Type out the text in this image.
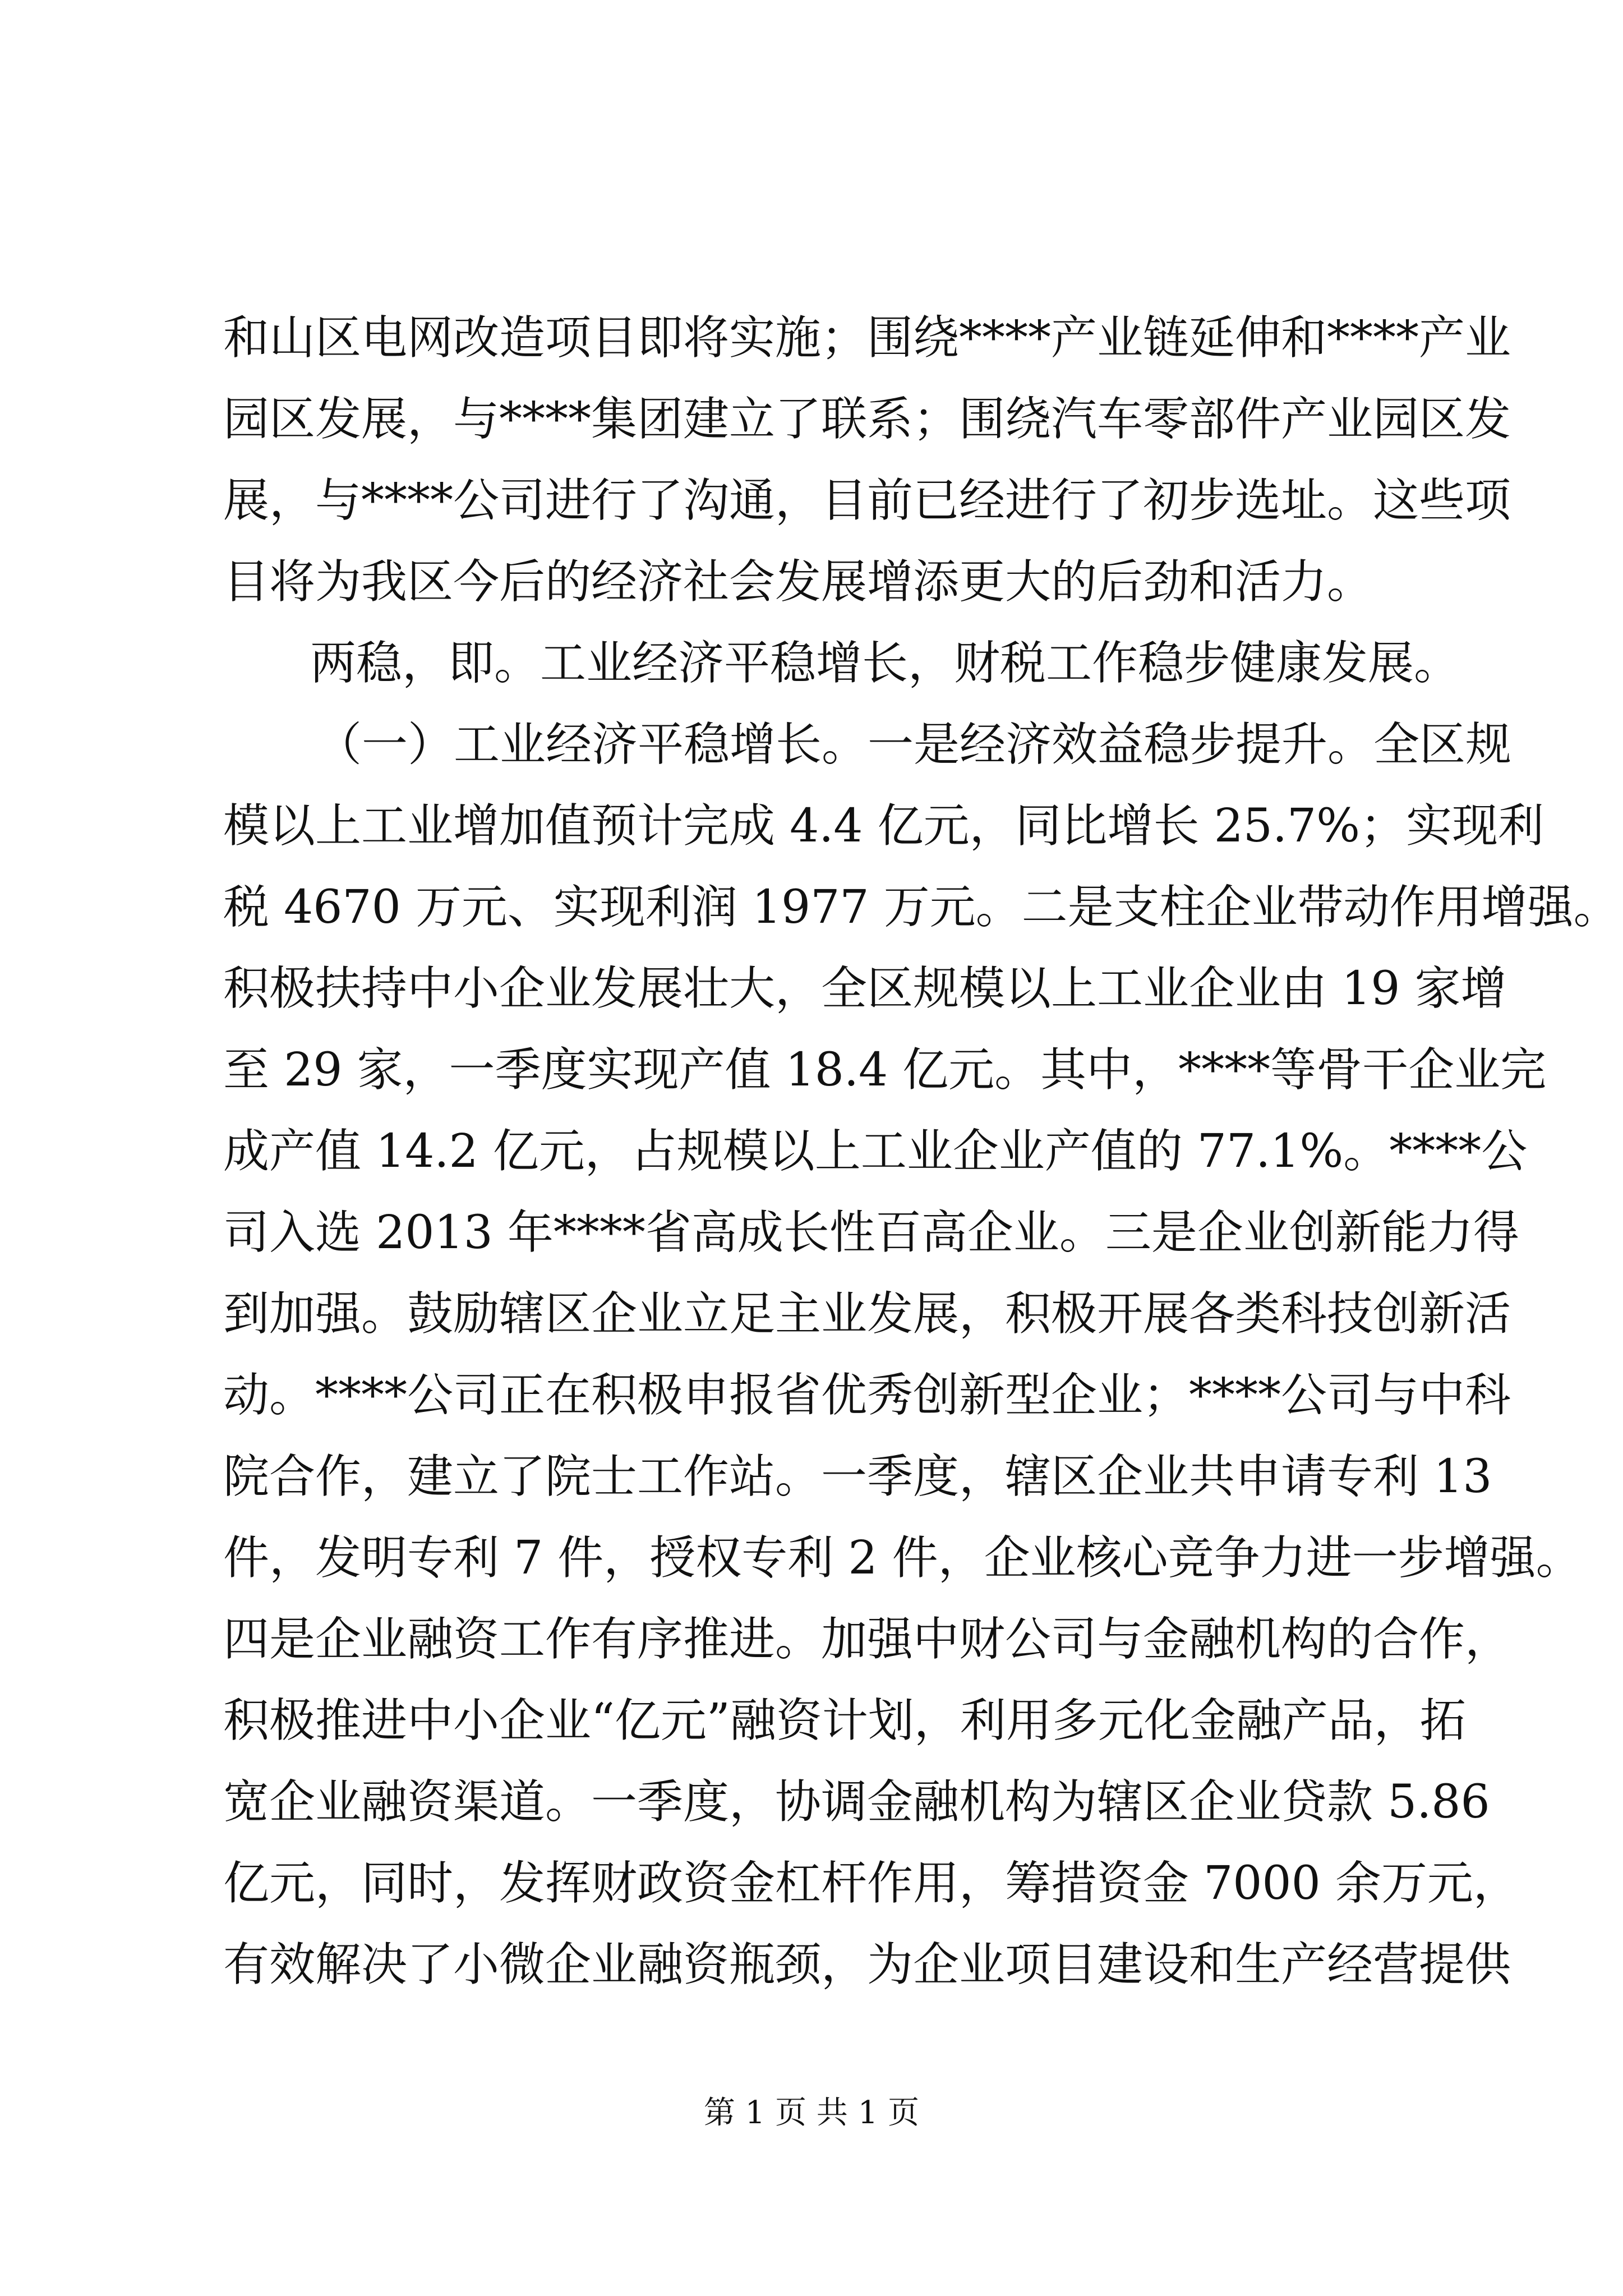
和山区电网改造项目即将实施；围绕****产业链延伸和****产业
园区发展，与****集团建立了联系；围绕汽车零部件产业园区发
展，与****公司进行了沟通，目前已经进行了初步选址。这些项
目将为我区今后的经济社会发展增添更大的后劲和活力。
两稳，即。工业经济平稳增长，财税工作稳步健康发展。
（一）工业经济平稳增长。一是经济效益稳步提升。全区规
模以上工业增加值预计完成 4.4 亿元，同比增长 25.7%；实现利
税 4670 万元、实现利润 1977 万元。二是支柱企业带动作用增强。
积极扶持中小企业发展壮大，全区规模以上工业企业由 19 家增
至 29 家，一季度实现产值 18.4 亿元。其中，****等骨干企业完
成产值 14.2 亿元，占规模以上工业企业产值的 77.1%。****公
司入选 2013 年****省高成长性百高企业。三是企业创新能力得
到加强。鼓励辖区企业立足主业发展，积极开展各类科技创新活
动。****公司正在积极申报省优秀创新型企业；****公司与中科
院合作，建立了院士工作站。一季度，辖区企业共申请专利 13
件，发明专利 7 件，授权专利 2 件，企业核心竞争力进一步增强。
四是企业融资工作有序推进。加强中财公司与金融机构的合作，
积极推进中小企业“亿元”融资计划，利用多元化金融产品，拓
宽企业融资渠道。一季度，协调金融机构为辖区企业贷款 5.86
亿元，同时，发挥财政资金杠杆作用，筹措资金 7000 余万元，
有效解决了小微企业融资瓶颈，为企业项目建设和生产经营提供
第 1 页 共 1 页
